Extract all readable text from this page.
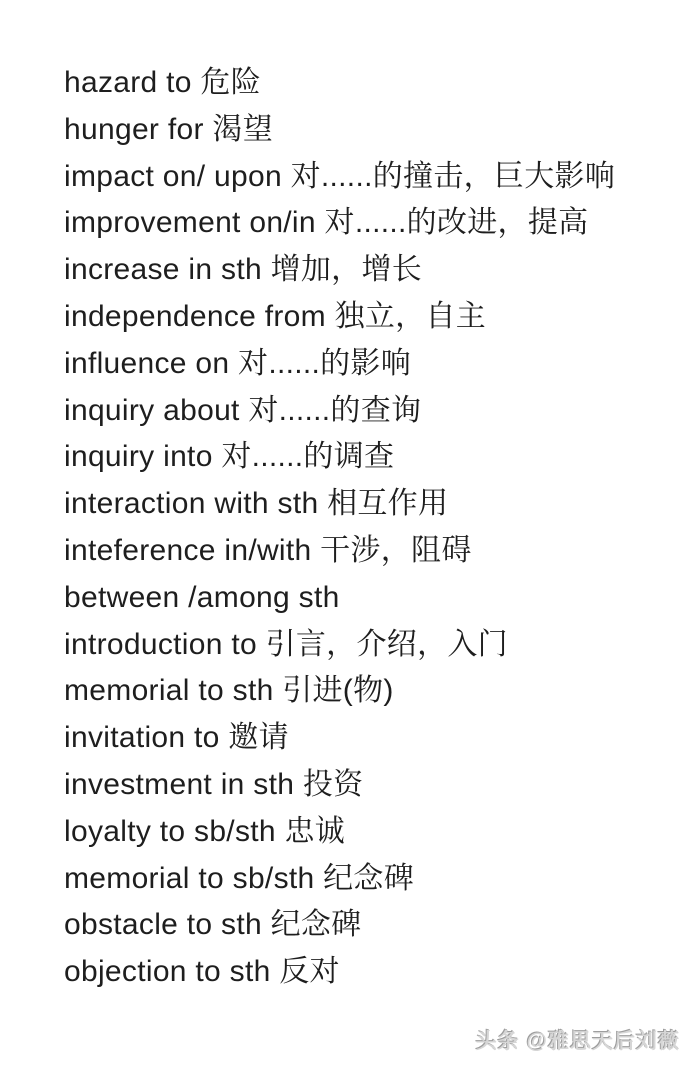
hazard to 危险
hunger for 渴望
impact on/ upon 对......的撞击，巨大影响
improvement on/in 对......的改进，提高
increase in sth 增加，增长
independence from 独立，自主
influence on 对......的影响
inquiry about 对......的查询
inquiry into 对......的调查
interaction with sth 相互作用
inteference in/with 干涉，阻碍
between /among sth
introduction to 引言，介绍，入门
memorial to sth 引进(物)
invitation to 邀请
investment in sth 投资
loyalty to sb/sth 忠诚
memorial to sb/sth 纪念碑
obstacle to sth 纪念碑
objection to sth 反对
头条 @雅思天后刘薇
